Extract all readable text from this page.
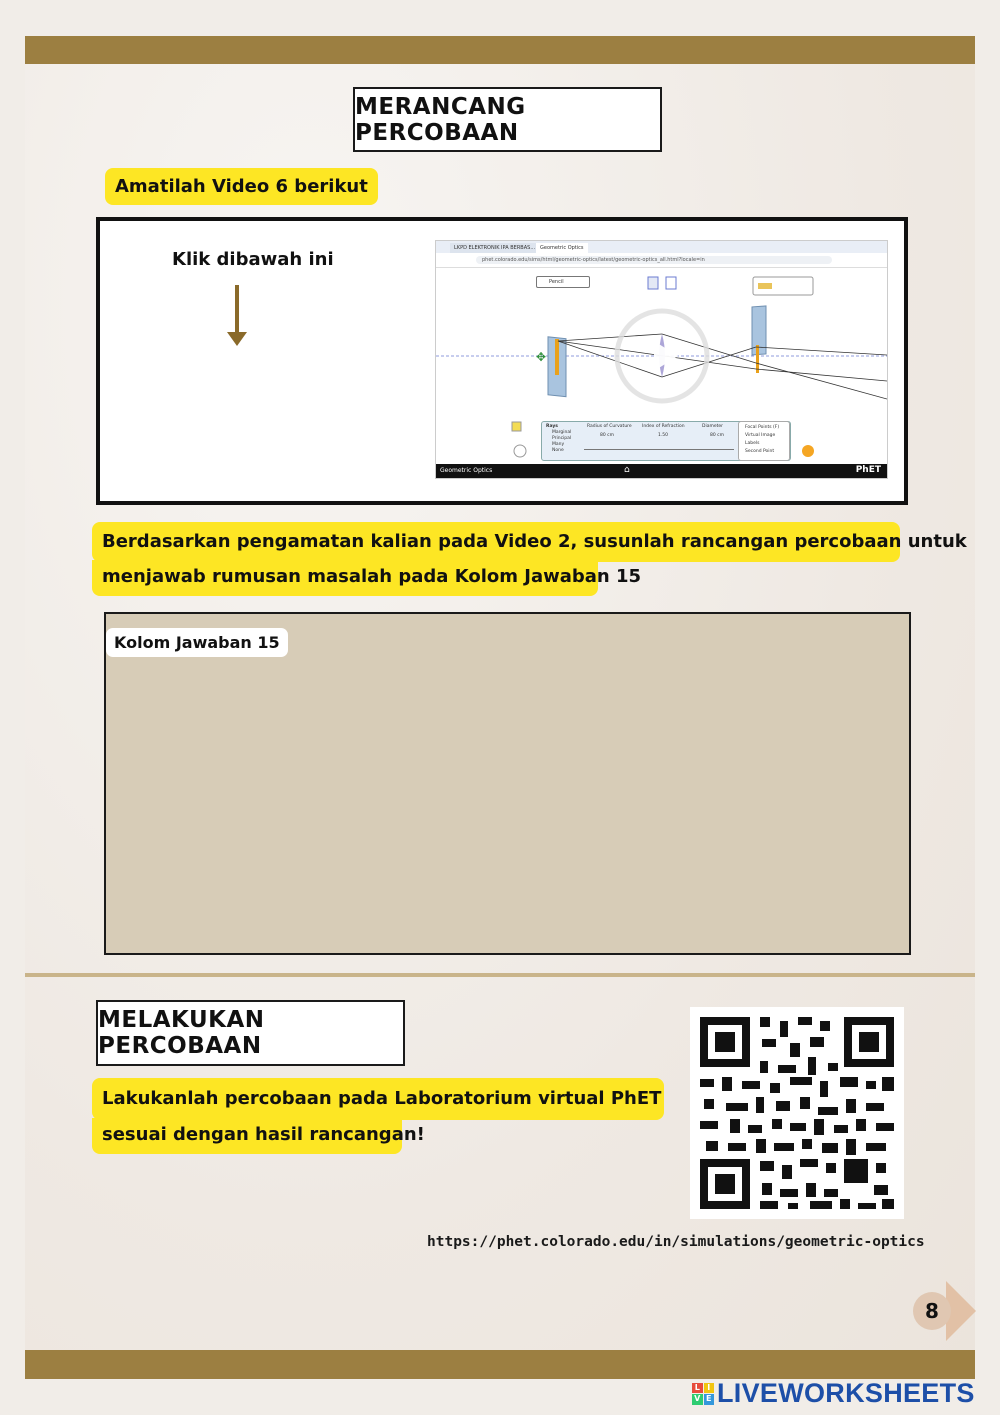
MERANCANG PERCOBAAN
Amatilah Video 6 berikut
Klik dibawah ini
LKPD ELEKTRONIK IPA BERBAS... Geometric Optics
phet.colorado.edu/sims/html/geometric-optics/latest/geometric-optics_all.html?locale=in
Pencil
✥
Rays
Marginal
Principal
Many
None
Radius of Curvature
80 cm
Index of Refraction
1.50
Diameter
80 cm
Focal Points (F)
Virtual Image
Labels
Second Point
Geometric Optics	⌂	PhET
Berdasarkan pengamatan kalian pada Video 2, susunlah rancangan percobaan untuk
menjawab rumusan masalah pada Kolom Jawaban 15
Kolom Jawaban 15
MELAKUKAN PERCOBAAN
Lakukanlah percobaan pada Laboratorium virtual PhET
sesuai dengan hasil rancangan!
https://phet.colorado.edu/in/simulations/geometric-optics
8
L I
V E LIVEWORKSHEETS
